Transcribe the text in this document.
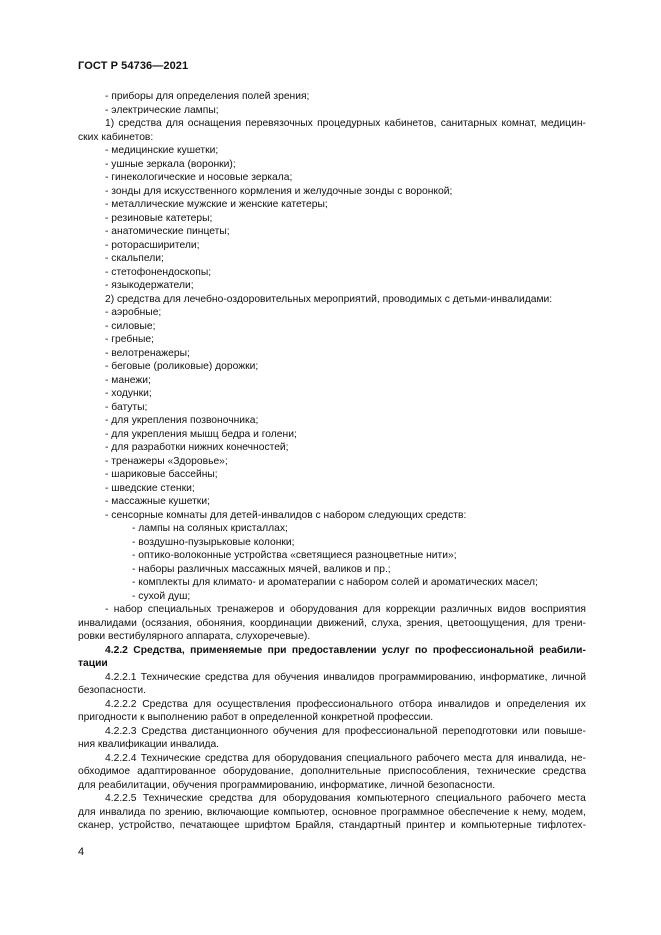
ГОСТ Р 54736—2021
- приборы для определения полей зрения;
- электрические лампы;
1) средства для оснащения перевязочных процедурных кабинетов, санитарных комнат, медицин-
ских кабинетов:
- медицинские кушетки;
- ушные зеркала (воронки);
- гинекологические и носовые зеркала;
- зонды для искусственного кормления и желудочные зонды с воронкой;
- металлические мужские и женские катетеры;
- резиновые катетеры;
- анатомические пинцеты;
- роторасширители;
- скальпели;
- стетофонендоскопы;
- языкодержатели;
2) средства для лечебно-оздоровительных мероприятий, проводимых с детьми-инвалидами:
- аэробные;
- силовые;
- гребные;
- велотренажеры;
- беговые (роликовые) дорожки;
- манежи;
- ходунки;
- батуты;
- для укрепления позвоночника;
- для укрепления мышц бедра и голени;
- для разработки нижних конечностей;
- тренажеры «Здоровье»;
- шариковые бассейны;
- шведские стенки;
- массажные кушетки;
- сенсорные комнаты для детей-инвалидов с набором следующих средств:
- лампы на соляных кристаллах;
- воздушно-пузырьковые колонки;
- оптико-волоконные устройства «светящиеся разноцветные нити»;
- наборы различных массажных мячей, валиков и пр.;
- комплекты для климато- и ароматерапии с набором солей и ароматических масел;
- сухой душ;
- набор специальных тренажеров и оборудования для коррекции различных видов восприятия
инвалидами (осязания, обоняния, координации движений, слуха, зрения, цветоощущения, для трени-
ровки вестибулярного аппарата, слухоречевые).
4.2.2 Средства, применяемые при предоставлении услуг по профессиональной реабили-
тации
4.2.2.1 Технические средства для обучения инвалидов программированию, информатике, личной
безопасности.
4.2.2.2 Средства для осуществления профессионального отбора инвалидов и определения их
пригодности к выполнению работ в определенной конкретной профессии.
4.2.2.3 Средства дистанционного обучения для профессиональной переподготовки или повыше-
ния квалификации инвалида.
4.2.2.4 Технические средства для оборудования специального рабочего места для инвалида, не-
обходимое адаптированное оборудование, дополнительные приспособления, технические средства
для реабилитации, обучения программированию, информатике, личной безопасности.
4.2.2.5 Технические средства для оборудования компьютерного специального рабочего места
для инвалида по зрению, включающие компьютер, основное программное обеспечение к нему, модем,
сканер, устройство, печатающее шрифтом Брайля, стандартный принтер и компьютерные тифлотех-
4
